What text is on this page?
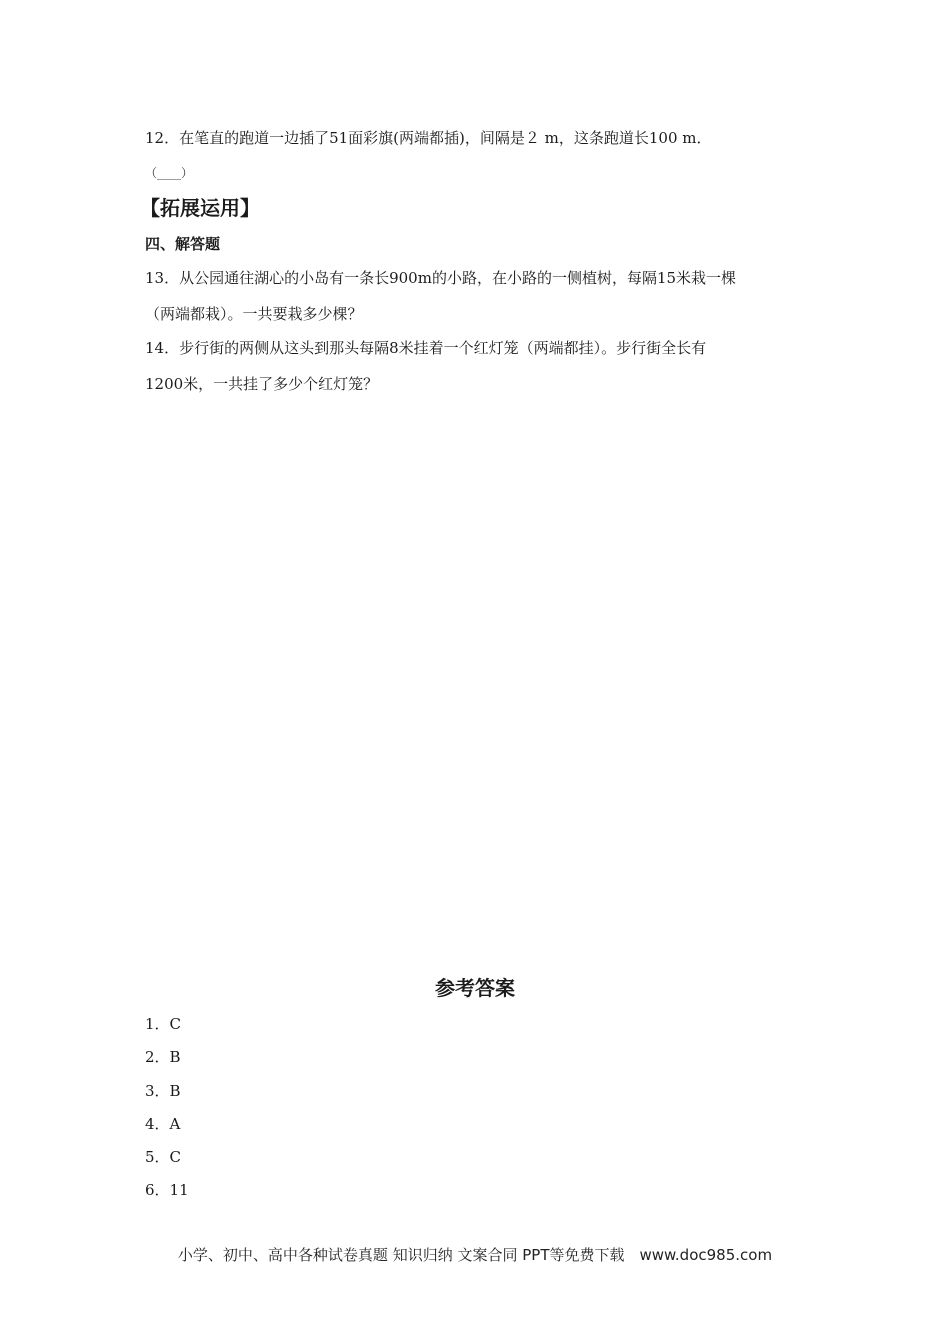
12．在笔直的跑道一边插了51面彩旗(两端都插)，间隔是２ m，这条跑道长100 m．
（____）
【拓展运用】
四、解答题
13．从公园通往湖心的小岛有一条长900m的小路，在小路的一侧植树，每隔15米栽一棵
（两端都栽）。一共要栽多少棵？
14．步行街的两侧从这头到那头每隔8米挂着一个红灯笼（两端都挂）。步行街全长有
1200米，一共挂了多少个红灯笼？
参考答案
1．C
2．B
3．B
4．A
5．C
6．11
小学、初中、高中各种试卷真题 知识归纳 文案合同 PPT等免费下载　www.doc985.com
